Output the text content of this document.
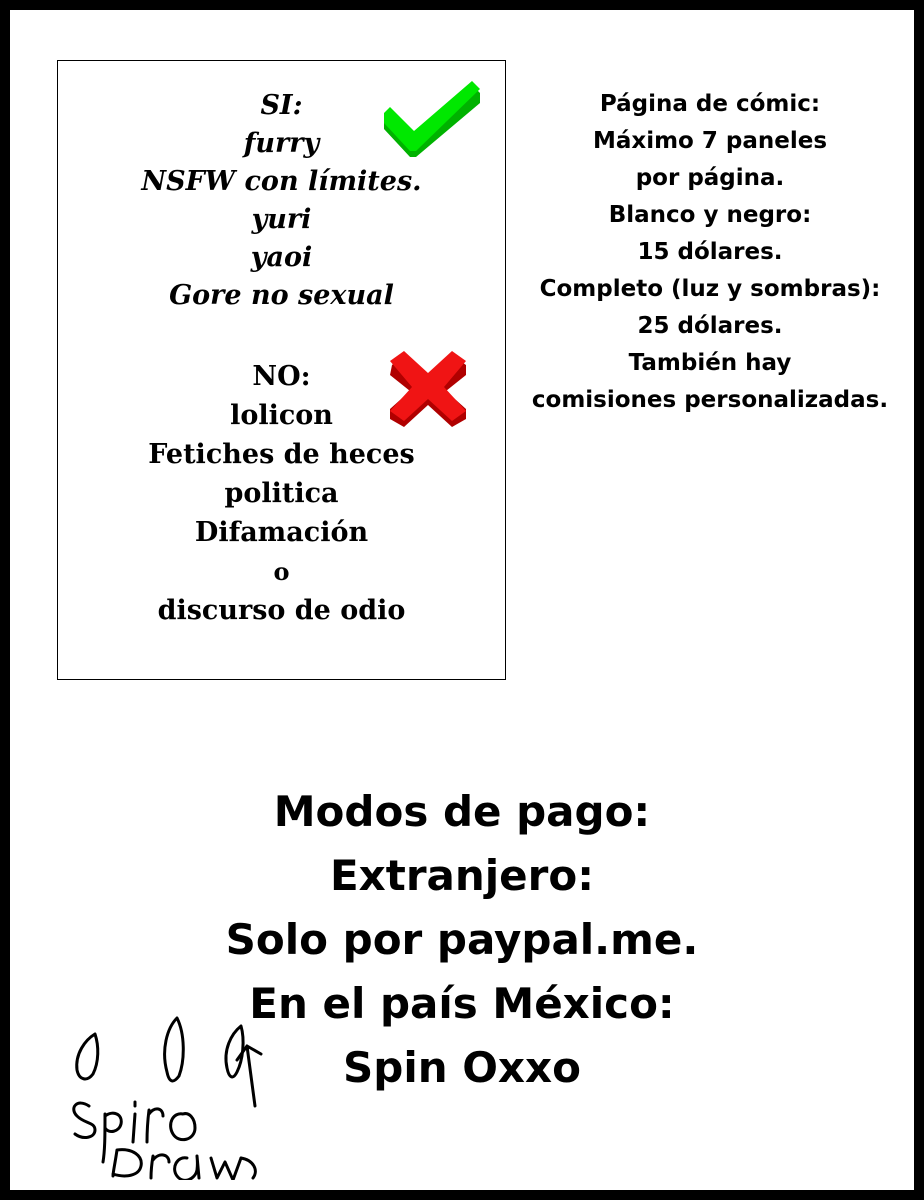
SI:
furry
NSFW con límites.
yuri
yaoi
Gore no sexual
NO:
lolicon
Fetiches de heces
politica
Difamación
o
discurso de odio
Página de cómic:
Máximo 7 paneles
por página.
Blanco y negro:
15 dólares.
Completo (luz y sombras):
25 dólares.
También hay
comisiones personalizadas.
Modos de pago:
Extranjero:
Solo por paypal.me.
En el país México:
Spin Oxxo
